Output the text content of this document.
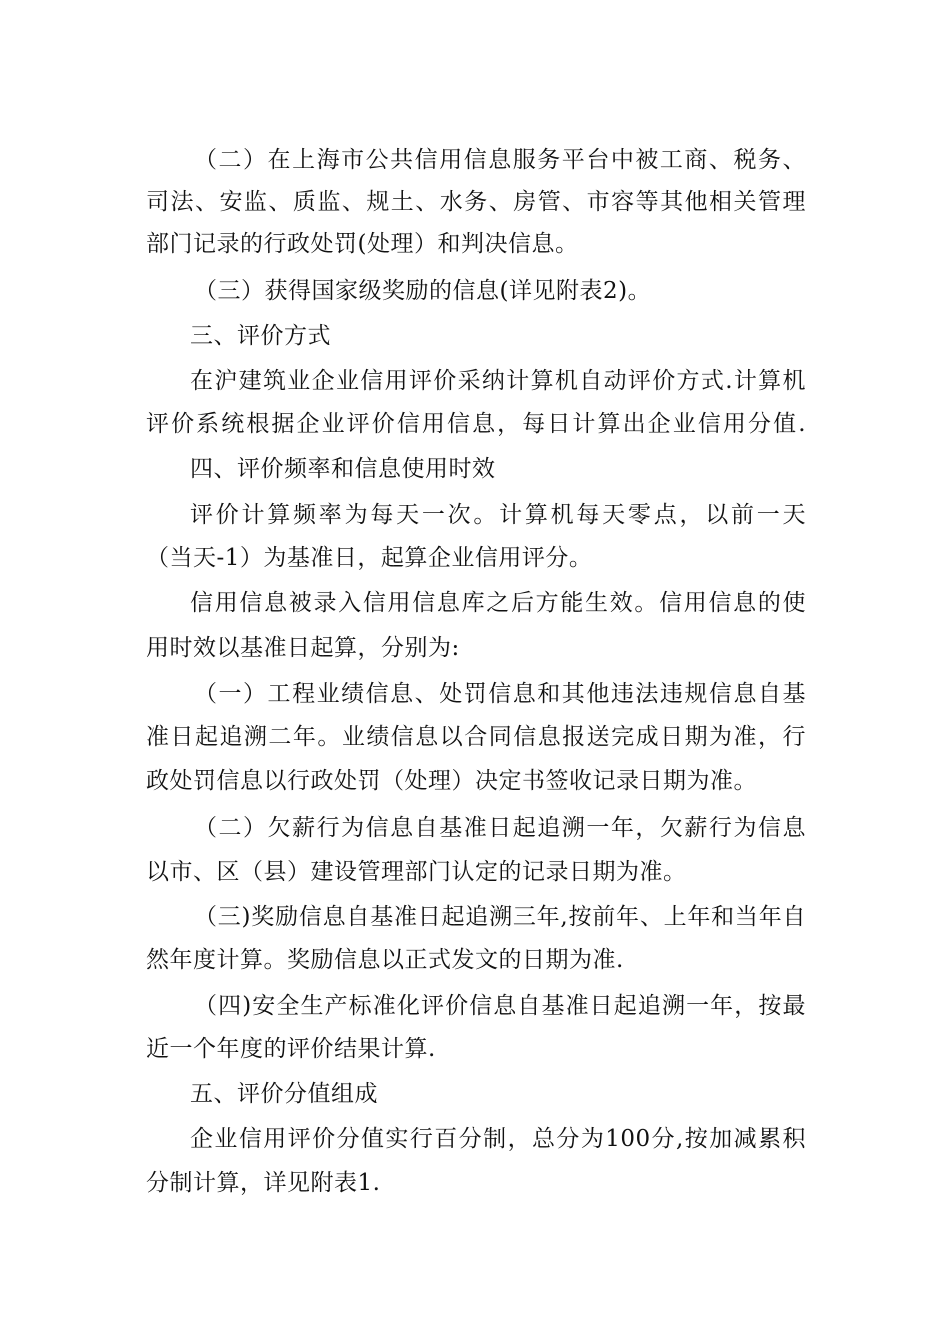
（二）在上海市公共信用信息服务平台中被工商、税务、
司法、安监、质监、规土、水务、房管、市容等其他相关管理
部门记录的行政处罚(处理）和判决信息。
（三）获得国家级奖励的信息(详见附表2)。
三、评价方式
在沪建筑业企业信用评价采纳计算机自动评价方式.计算机
评价系统根据企业评价信用信息，每日计算出企业信用分值.
四、评价频率和信息使用时效
评价计算频率为每天一次。计算机每天零点，以前一天
（当天-1）为基准日，起算企业信用评分。
信用信息被录入信用信息库之后方能生效。信用信息的使
用时效以基准日起算，分别为:
（一）工程业绩信息、处罚信息和其他违法违规信息自基
准日起追溯二年。业绩信息以合同信息报送完成日期为准，行
政处罚信息以行政处罚（处理）决定书签收记录日期为准。
（二）欠薪行为信息自基准日起追溯一年，欠薪行为信息
以市、区（县）建设管理部门认定的记录日期为准。
（三)奖励信息自基准日起追溯三年,按前年、上年和当年自
然年度计算。奖励信息以正式发文的日期为准.
（四)安全生产标准化评价信息自基准日起追溯一年，按最
近一个年度的评价结果计算.
五、评价分值组成
企业信用评价分值实行百分制，总分为100分,按加减累积
分制计算，详见附表1.
